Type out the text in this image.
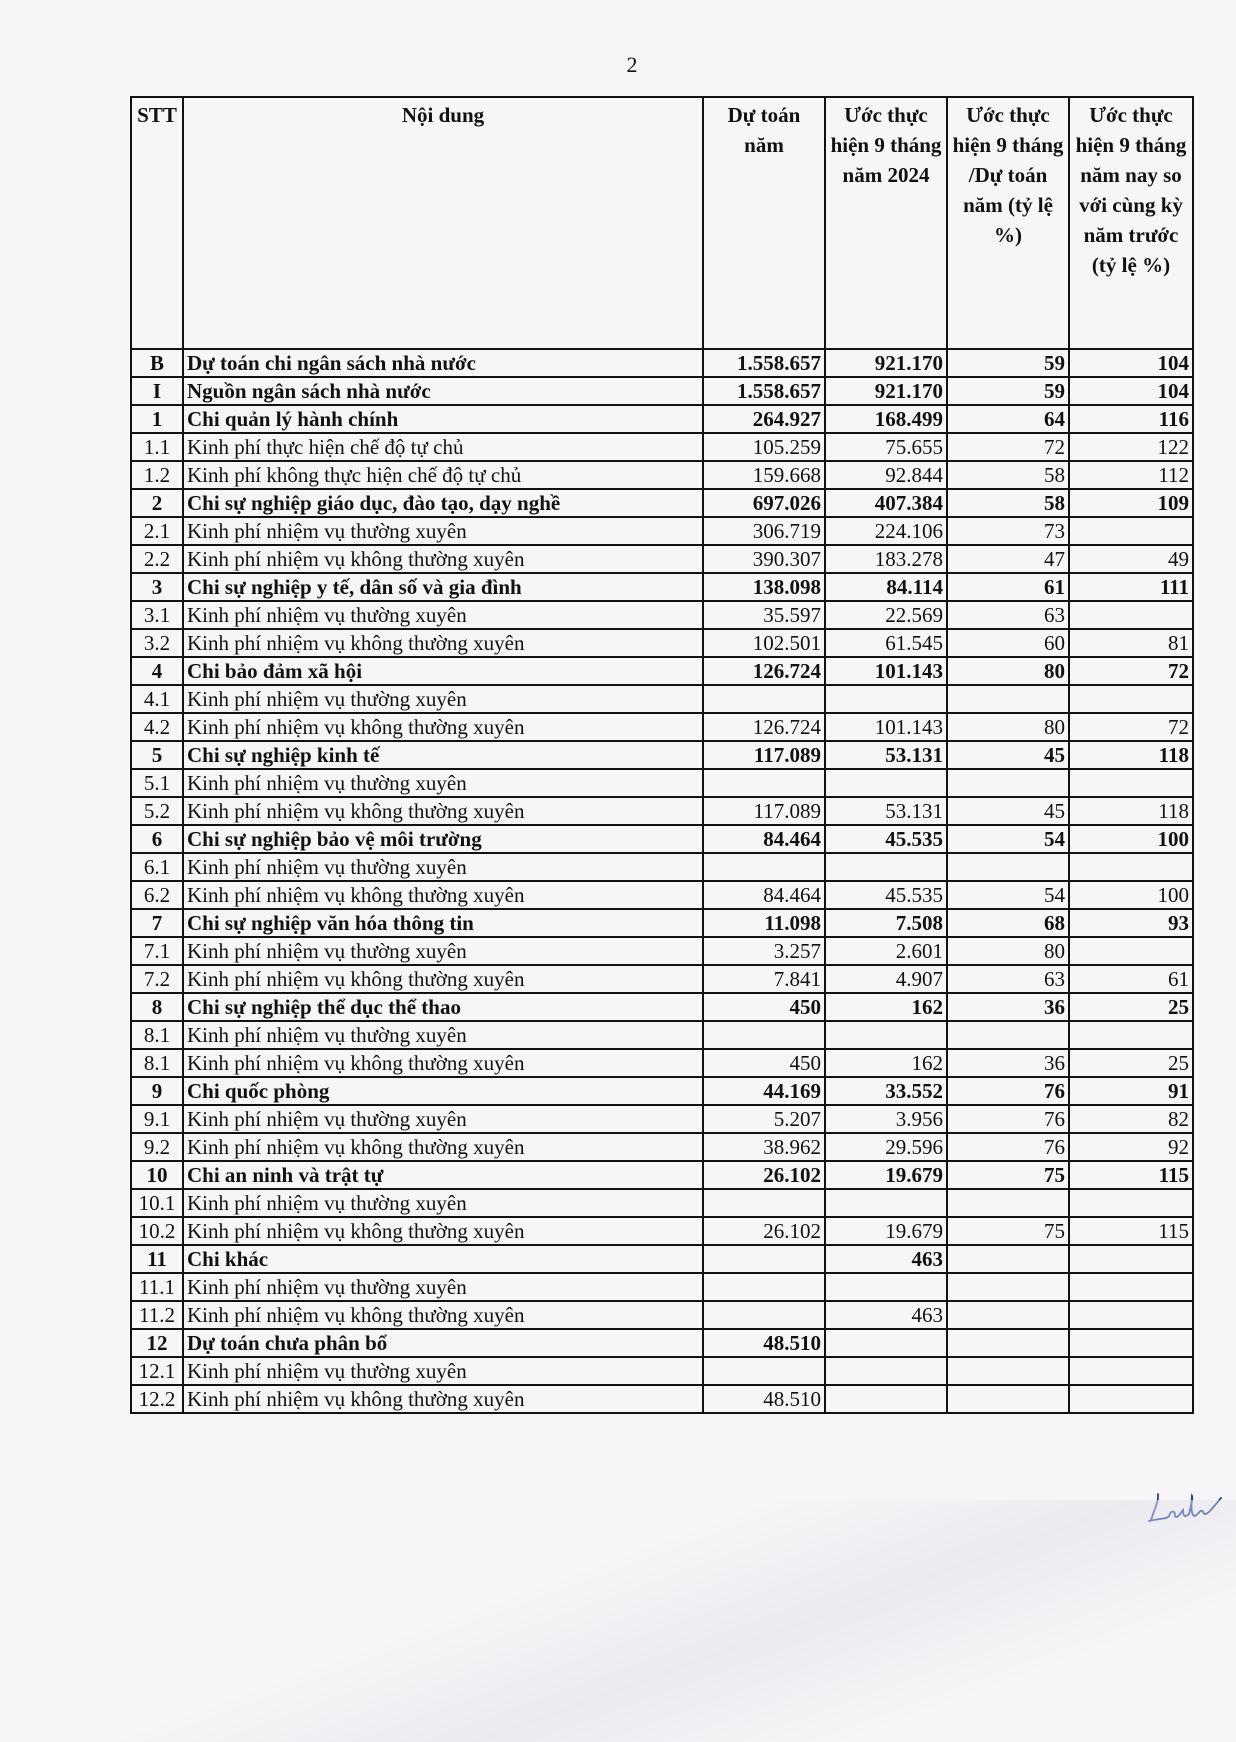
2
STT	Nội dung	Dự toán năm	Ước thực hiện 9 tháng năm 2024	Ước thực hiện 9 tháng /Dự toán năm (tỷ lệ %)	Ước thực hiện 9 tháng năm nay so với cùng kỳ năm trước (tỷ lệ %)
B	Dự toán chi ngân sách nhà nước	1.558.657	921.170	59	104
I	Nguồn ngân sách nhà nước	1.558.657	921.170	59	104
1	Chi quản lý hành chính	264.927	168.499	64	116
1.1	Kinh phí thực hiện chế độ tự chủ	105.259	75.655	72	122
1.2	Kinh phí không thực hiện chế độ tự chủ	159.668	92.844	58	112
2	Chi sự nghiệp giáo dục, đào tạo, dạy nghề	697.026	407.384	58	109
2.1	Kinh phí nhiệm vụ thường xuyên	306.719	224.106	73	
2.2	Kinh phí nhiệm vụ không thường xuyên	390.307	183.278	47	49
3	Chi sự nghiệp y tế, dân số và gia đình	138.098	84.114	61	111
3.1	Kinh phí nhiệm vụ thường xuyên	35.597	22.569	63	
3.2	Kinh phí nhiệm vụ không thường xuyên	102.501	61.545	60	81
4	Chi bảo đảm xã hội	126.724	101.143	80	72
4.1	Kinh phí nhiệm vụ thường xuyên				
4.2	Kinh phí nhiệm vụ không thường xuyên	126.724	101.143	80	72
5	Chi sự nghiệp kinh tế	117.089	53.131	45	118
5.1	Kinh phí nhiệm vụ thường xuyên				
5.2	Kinh phí nhiệm vụ không thường xuyên	117.089	53.131	45	118
6	Chi sự nghiệp bảo vệ môi trường	84.464	45.535	54	100
6.1	Kinh phí nhiệm vụ thường xuyên				
6.2	Kinh phí nhiệm vụ không thường xuyên	84.464	45.535	54	100
7	Chi sự nghiệp văn hóa thông tin	11.098	7.508	68	93
7.1	Kinh phí nhiệm vụ thường xuyên	3.257	2.601	80	
7.2	Kinh phí nhiệm vụ không thường xuyên	7.841	4.907	63	61
8	Chi sự nghiệp thể dục thể thao	450	162	36	25
8.1	Kinh phí nhiệm vụ thường xuyên				
8.1	Kinh phí nhiệm vụ không thường xuyên	450	162	36	25
9	Chi quốc phòng	44.169	33.552	76	91
9.1	Kinh phí nhiệm vụ thường xuyên	5.207	3.956	76	82
9.2	Kinh phí nhiệm vụ không thường xuyên	38.962	29.596	76	92
10	Chi an ninh và trật tự	26.102	19.679	75	115
10.1	Kinh phí nhiệm vụ thường xuyên				
10.2	Kinh phí nhiệm vụ không thường xuyên	26.102	19.679	75	115
11	Chi khác		463		
11.1	Kinh phí nhiệm vụ thường xuyên				
11.2	Kinh phí nhiệm vụ không thường xuyên		463		
12	Dự toán chưa phân bổ	48.510			
12.1	Kinh phí nhiệm vụ thường xuyên				
12.2	Kinh phí nhiệm vụ không thường xuyên	48.510			
